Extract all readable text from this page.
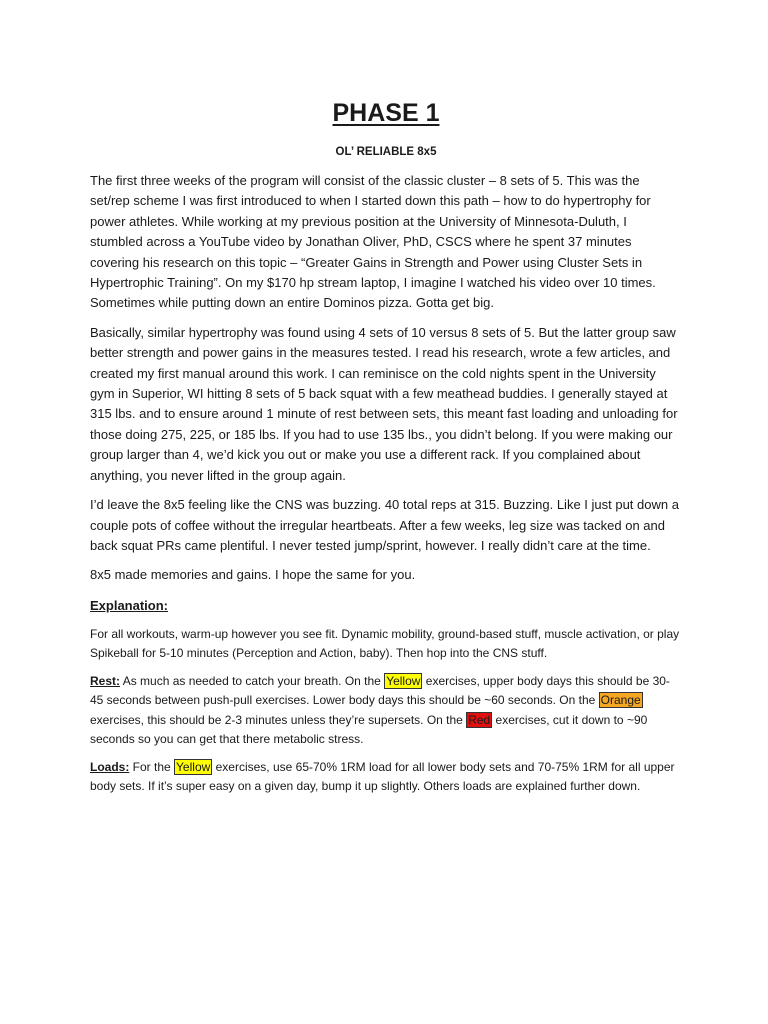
PHASE 1
OL’ RELIABLE 8x5

The first three weeks of the program will consist of the classic cluster – 8 sets of 5. This was the set/rep scheme I was first introduced to when I started down this path – how to do hypertrophy for power athletes. While working at my previous position at the University of Minnesota-Duluth, I stumbled across a YouTube video by Jonathan Oliver, PhD, CSCS where he spent 37 minutes covering his research on this topic – “Greater Gains in Strength and Power using Cluster Sets in Hypertrophic Training”. On my $170 hp stream laptop, I imagine I watched his video over 10 times. Sometimes while putting down an entire Dominos pizza. Gotta get big.

Basically, similar hypertrophy was found using 4 sets of 10 versus 8 sets of 5. But the latter group saw better strength and power gains in the measures tested. I read his research, wrote a few articles, and created my first manual around this work. I can reminisce on the cold nights spent in the University gym in Superior, WI hitting 8 sets of 5 back squat with a few meathead buddies. I generally stayed at 315 lbs. and to ensure around 1 minute of rest between sets, this meant fast loading and unloading for those doing 275, 225, or 185 lbs. If you had to use 135 lbs., you didn’t belong. If you were making our group larger than 4, we’d kick you out or make you use a different rack. If you complained about anything, you never lifted in the group again.

I’d leave the 8x5 feeling like the CNS was buzzing. 40 total reps at 315. Buzzing. Like I just put down a couple pots of coffee without the irregular heartbeats. After a few weeks, leg size was tacked on and back squat PRs came plentiful. I never tested jump/sprint, however. I really didn’t care at the time.

8x5 made memories and gains. I hope the same for you.

Explanation:

For all workouts, warm-up however you see fit. Dynamic mobility, ground-based stuff, muscle activation, or play Spikeball for 5-10 minutes (Perception and Action, baby). Then hop into the CNS stuff.

Rest: As much as needed to catch your breath. On the Yellow exercises, upper body days this should be 30-45 seconds between push-pull exercises. Lower body days this should be ~60 seconds. On the Orange exercises, this should be 2-3 minutes unless they’re supersets. On the Red exercises, cut it down to ~90 seconds so you can get that there metabolic stress.

Loads: For the Yellow exercises, use 65-70% 1RM load for all lower body sets and 70-75% 1RM for all upper body sets. If it’s super easy on a given day, bump it up slightly. Others loads are explained further down.
